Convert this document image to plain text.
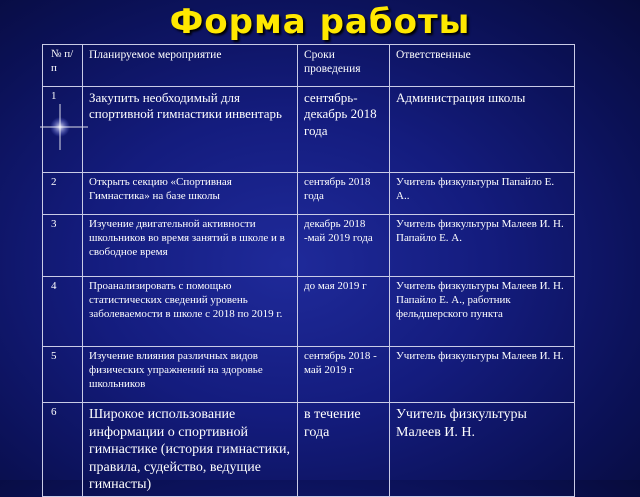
Форма работы
№ п/п	Планируемое мероприятие	Сроки проведения	Ответственные
1	Закупить необходимый для спортивной гимнастики инвентарь	сентябрь- декабрь 2018 года	Администрация школы
2	Открыть секцию «Спортивная Гимнастика» на базе школы	сентябрь 2018 года	Учитель физкультуры Папайло Е. А..
3	Изучение двигательной активности школьников во время занятий в школе и в свободное время	декабрь 2018 -май 2019 года	Учитель физкультуры Малеев И. Н. Папайло Е. А.
4	Проанализировать с помощью статистических сведений уровень заболеваемости в школе с 2018 по 2019 г.	до мая 2019 г	Учитель физкультуры Малеев И. Н. Папайло Е. А., работник фельдшерского пункта
5	Изучение влияния различных видов физических упражнений на здоровье школьников	сентябрь 2018 - май 2019 г	Учитель физкультуры Малеев И. Н.
6	Широкое использование информации о спортивной гимнастике (история гимнастики, правила, судейство, ведущие гимнасты)	в течение года	Учитель физкультуры Малеев И. Н.
